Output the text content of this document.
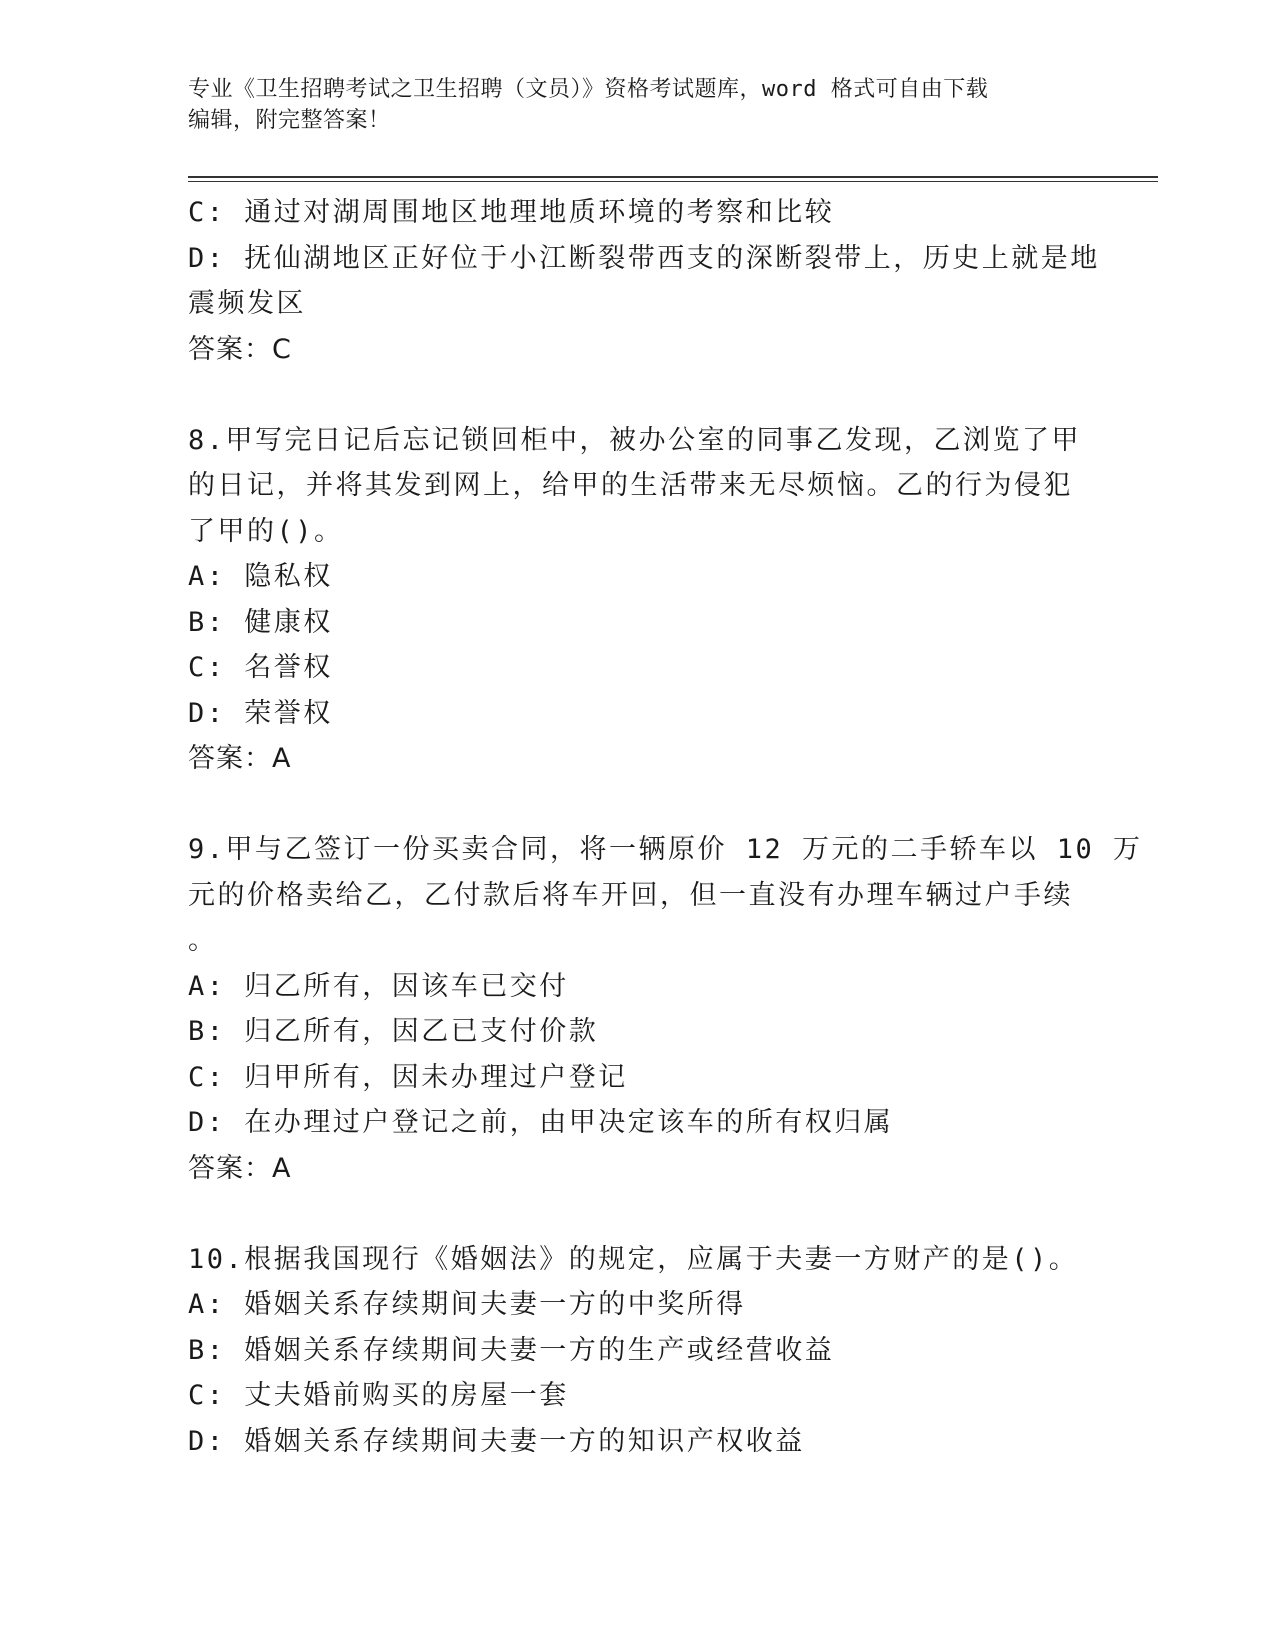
专业《卫生招聘考试之卫生招聘（文员）》资格考试题库，word 格式可自由下载
编辑，附完整答案！
C: 通过对湖周围地区地理地质环境的考察和比较
D: 抚仙湖地区正好位于小江断裂带西支的深断裂带上，历史上就是地
震频发区
答案：C
8.甲写完日记后忘记锁回柜中，被办公室的同事乙发现，乙浏览了甲
的日记，并将其发到网上，给甲的生活带来无尽烦恼。乙的行为侵犯
了甲的()。
A: 隐私权
B: 健康权
C: 名誉权
D: 荣誉权
答案：A
9.甲与乙签订一份买卖合同，将一辆原价 12 万元的二手轿车以 10 万
元的价格卖给乙，乙付款后将车开回，但一直没有办理车辆过户手续
。
A: 归乙所有，因该车已交付
B: 归乙所有，因乙已支付价款
C: 归甲所有，因未办理过户登记
D: 在办理过户登记之前，由甲决定该车的所有权归属
答案：A
10.根据我国现行《婚姻法》的规定，应属于夫妻一方财产的是()。
A: 婚姻关系存续期间夫妻一方的中奖所得
B: 婚姻关系存续期间夫妻一方的生产或经营收益
C: 丈夫婚前购买的房屋一套
D: 婚姻关系存续期间夫妻一方的知识产权收益
